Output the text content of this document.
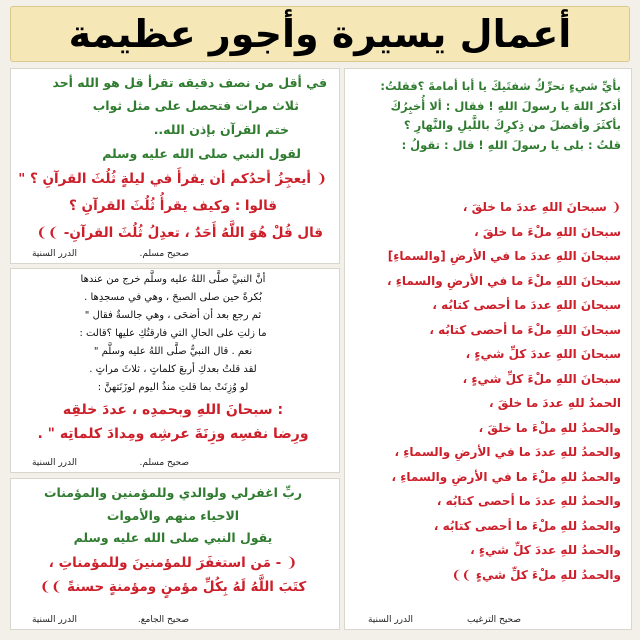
أعمال يسيرة وأجور عظيمة

في أقل من نصف دقيقه تقرأ قل هو الله أحد

ثلاث مرات فتحصل على مثل ثواب

ختم القرآن بإذن الله..

لقول النبي صلى الله عليه وسلم

❨ أيعجِزُ أحدُكم أن يقرأَ في ليلةٍ ثُلُثَ القرآنِ ؟ "

قالوا : وكيف يقرأُ ثُلُثَ القرآنِ ؟

قال قُلْ هُوَ اللَّهُ أَحَدٌ ، تعدِلُ ثُلُثَ القرآنِ- ❩❩

صحيح مسلم.
الدرر السنية

أنَّ النبيَّ صلَّى اللهُ عليه وسلَّم خرج من عندها

بُكرةً حين صلى الصبحَ ، وهي في مسجدِها .

ثم رجع بعد أن أضحَى ، وهي جالسةٌ فقال "

ما زلتِ على الحالِ التي فارقتُكِ عليها ؟قالت :

نعم . قال النبيُّ صلَّى اللهُ عليه وسلَّم "

لقد قلتُ بعدكِ أربعَ كلماتٍ ، ثلاثَ مراتٍ .

لو وُزِنَتْ بما قلتِ منذُ اليوم لوزَنَتهنَّ :

: سبحانَ اللهِ وبحمدِه ، عددَ خلقِه

ورِضا نفسِه وزِنَةَ عرشِه ومِدادَ كلماتِه " .

صحيح مسلم.
الدرر السنية

ربِّ اغفرلي ولوالدي وللمؤمنين والمؤمنات

الاحياء منهم والأموات

يقول النبي صلى الله عليه وسلم

❨ - مَن استغفَرَ للمؤمنينَ وللمؤمناتِ ،

كتَبَ اللَّهُ لَهُ بِكُلِّ مؤمنٍ ومؤمنةٍ حسنةً ❩❩

صحيح الجامع.
الدرر السنية

بأيِّ شيءٍ تحرِّكُ شفتَيكَ يا أبا أمامةَ ؟فقلتُ:

أذكرُ اللهَ يا رسولَ اللهِ ! فقال : ألا أُخبِرُكَ

بأكثَرَ وأفضلَ من ذِكرِكَ باللَّيلِ والنَّهارِ ؟

قلتُ : بلى يا رسولَ اللهِ ! قال : تقولُ :

❨ سبحانَ اللهِ عددَ ما خلقَ ،

سبحانَ اللهِ ملْءَ ما خلقَ ،

سبحانَ اللهِ عددَ ما في الأرضِ [والسماءِ]

سبحانَ اللهِ ملْءَ ما في الأرضِ والسماءِ ،

سبحانَ اللهِ عددَ ما أحصى كتابُه ،

سبحانَ اللهِ ملْءَ ما أحصى كتابُه ،

سبحانَ اللهِ عددَ كلِّ شيءٍ ،

سبحانَ اللهِ ملْءَ كلِّ شيءٍ ،

الحمدُ للهِ عددَ ما خلقَ ،

والحمدُ للهِ ملْءَ ما خلقَ ،

والحمدُ للهِ عددَ ما في الأرضِ والسماءِ ،

والحمدُ للهِ ملْءَ ما في الأرضِ والسماءِ ،

والحمدُ للهِ عددَ ما أحصى كتابُه ،

والحمدُ للهِ ملْءَ ما أحصى كتابُه ،

والحمدُ للهِ عددَ كلِّ شيءٍ ،

والحمدُ للهِ ملْءَ كلِّ شيءٍ ❩❩

صحيح الترغيب
الدرر السنية
